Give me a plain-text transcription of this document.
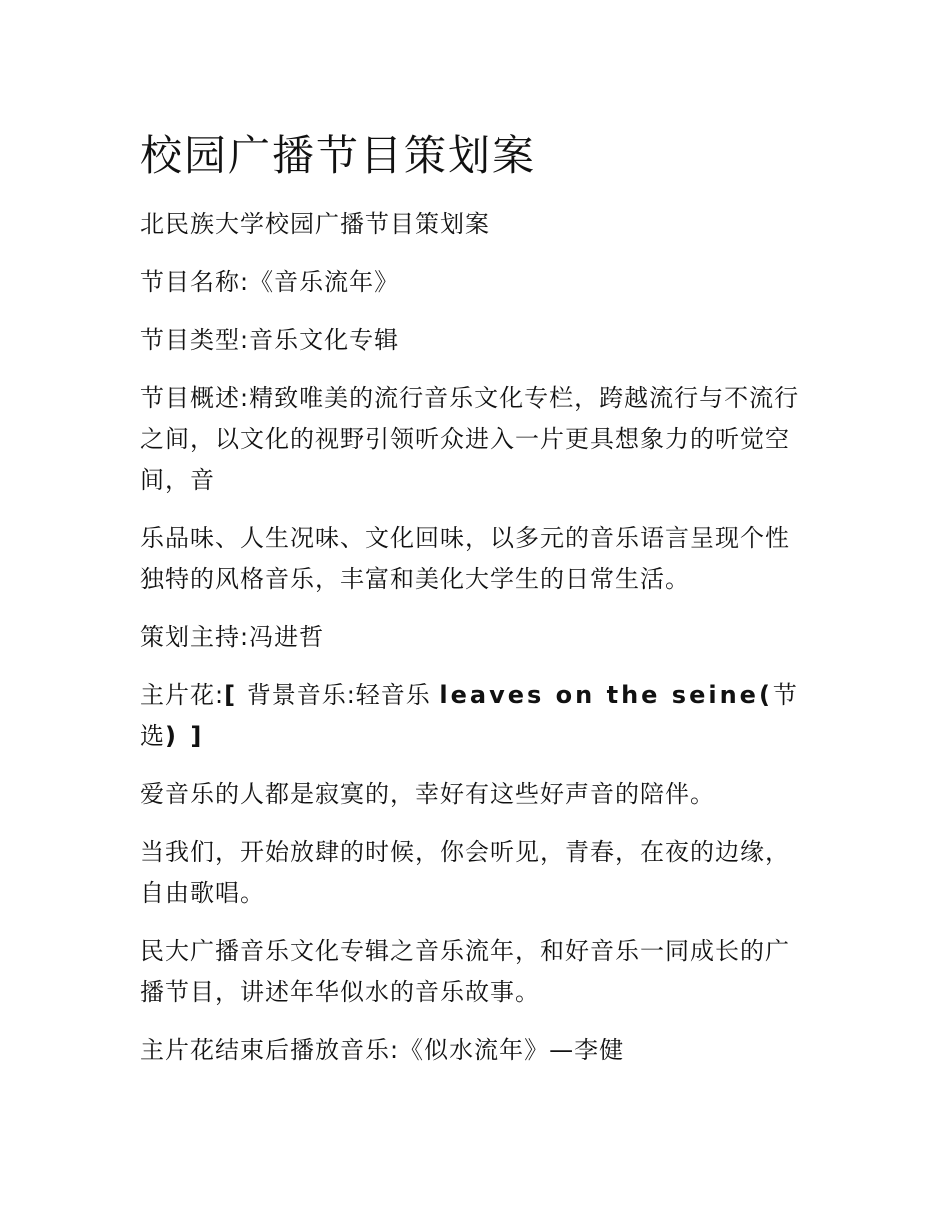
校园广播节目策划案

北民族大学校园广播节目策划案

节目名称:《音乐流年》

节目类型:音乐文化专辑

节目概述:精致唯美的流行音乐文化专栏，跨越流行与不流行之间，以文化的视野引领听众进入一片更具想象力的听觉空间，音

乐品味、人生况味、文化回味，以多元的音乐语言呈现个性独特的风格音乐，丰富和美化大学生的日常生活。

策划主持:冯进哲

主片花:[ 背景音乐:轻音乐 leaves on the seine(节选) ]

爱音乐的人都是寂寞的，幸好有这些好声音的陪伴。

当我们，开始放肆的时候，你会听见，青春，在夜的边缘，自由歌唱。

民大广播音乐文化专辑之音乐流年，和好音乐一同成长的广播节目，讲述年华似水的音乐故事。

主片花结束后播放音乐:《似水流年》—李健
